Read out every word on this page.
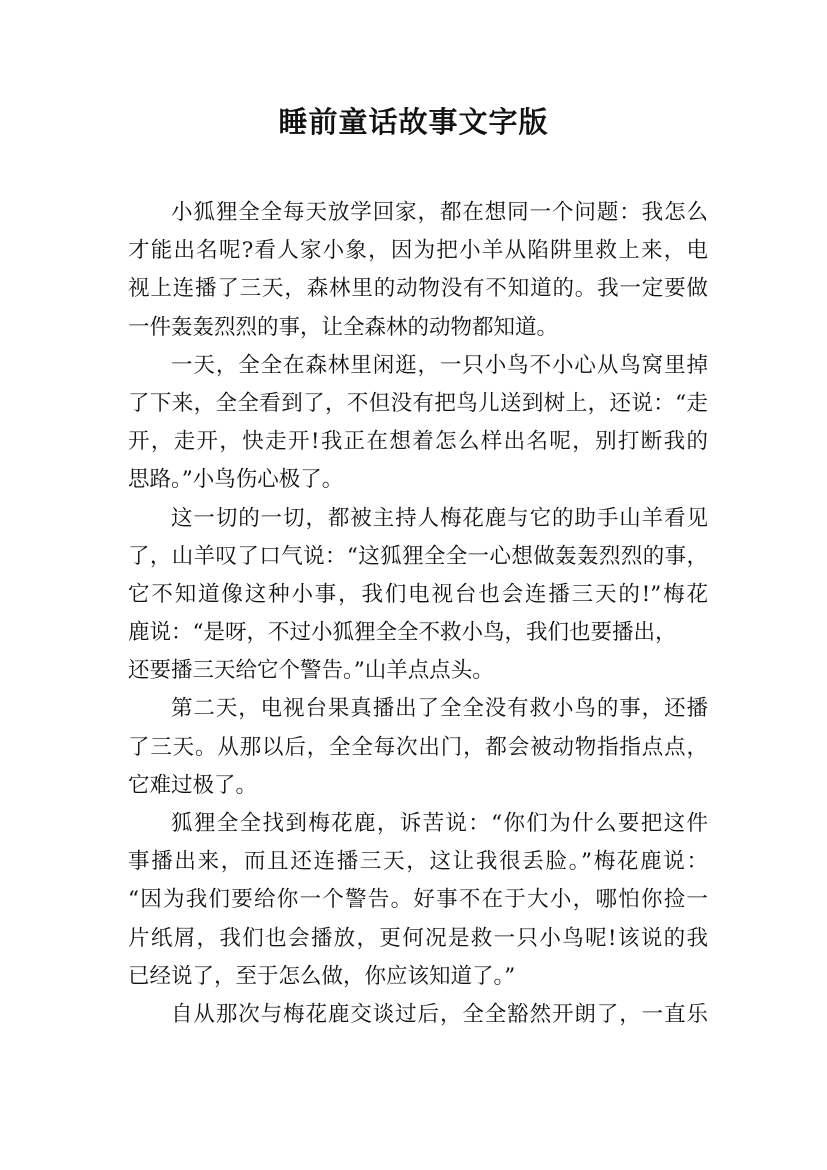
睡前童话故事文字版
小狐狸全全每天放学回家，都在想同一个问题：我怎么
才能出名呢?看人家小象，因为把小羊从陷阱里救上来，电
视上连播了三天，森林里的动物没有不知道的。我一定要做
一件轰轰烈烈的事，让全森林的动物都知道。
一天，全全在森林里闲逛，一只小鸟不小心从鸟窝里掉
了下来，全全看到了，不但没有把鸟儿送到树上，还说：“走
开，走开，快走开!我正在想着怎么样出名呢，别打断我的
思路。”小鸟伤心极了。
这一切的一切，都被主持人梅花鹿与它的助手山羊看见
了，山羊叹了口气说：“这狐狸全全一心想做轰轰烈烈的事，
它不知道像这种小事，我们电视台也会连播三天的!”梅花
鹿说：“是呀，不过小狐狸全全不救小鸟，我们也要播出，
还要播三天给它个警告。”山羊点点头。
第二天，电视台果真播出了全全没有救小鸟的事，还播
了三天。从那以后，全全每次出门，都会被动物指指点点，
它难过极了。
狐狸全全找到梅花鹿，诉苦说：“你们为什么要把这件
事播出来，而且还连播三天，这让我很丢脸。”梅花鹿说：
“因为我们要给你一个警告。好事不在于大小，哪怕你捡一
片纸屑，我们也会播放，更何况是救一只小鸟呢!该说的我
已经说了，至于怎么做，你应该知道了。”
自从那次与梅花鹿交谈过后，全全豁然开朗了，一直乐
